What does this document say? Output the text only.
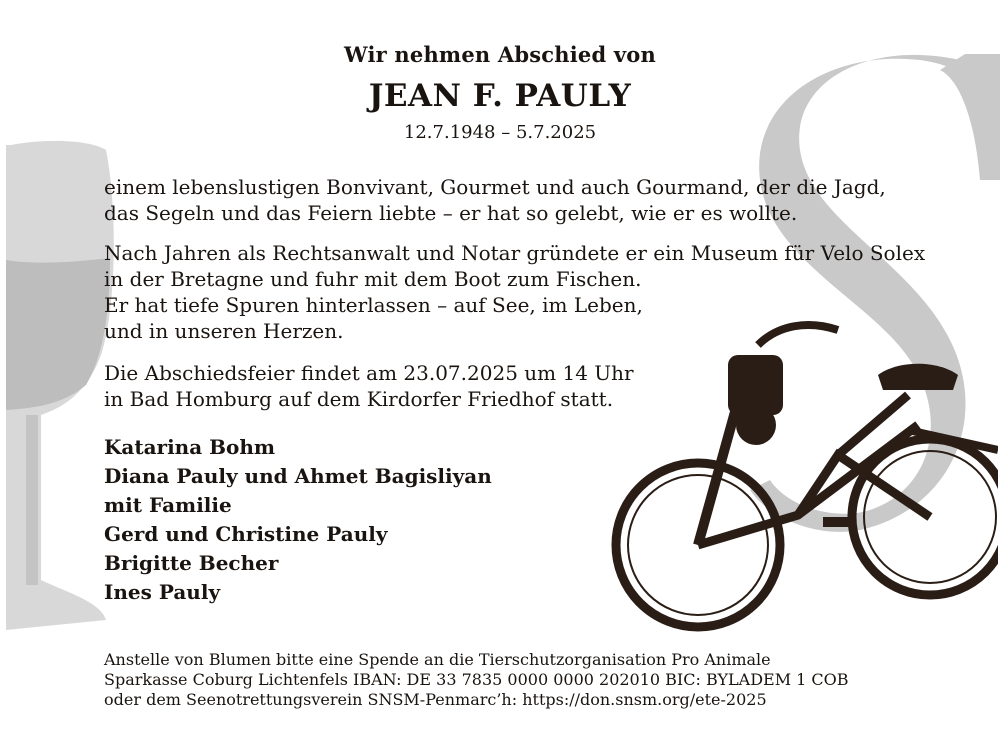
Wir nehmen Abschied von
JEAN F. PAULY
12.7.1948 – 5.7.2025

einem lebenslustigen Bonvivant, Gourmet und auch Gourmand, der die Jagd,
das Segeln und das Feiern liebte – er hat so gelebt, wie er es wollte.

Nach Jahren als Rechtsanwalt und Notar gründete er ein Museum für Velo Solex
in der Bretagne und fuhr mit dem Boot zum Fischen.
Er hat tiefe Spuren hinterlassen – auf See, im Leben,
und in unseren Herzen.

Die Abschiedsfeier findet am 23.07.2025 um 14 Uhr
in Bad Homburg auf dem Kirdorfer Friedhof statt.

Katarina Bohm
Diana Pauly und Ahmet Bagisliyan
mit Familie
Gerd und Christine Pauly
Brigitte Becher
Ines Pauly

Anstelle von Blumen bitte eine Spende an die Tierschutzorganisation Pro Animale
Sparkasse Coburg Lichtenfels IBAN: DE 33 7835 0000 0000 202010 BIC: BYLADEM 1 COB
oder dem Seenotrettungsverein SNSM-Penmarc’h: https://don.snsm.org/ete-2025
